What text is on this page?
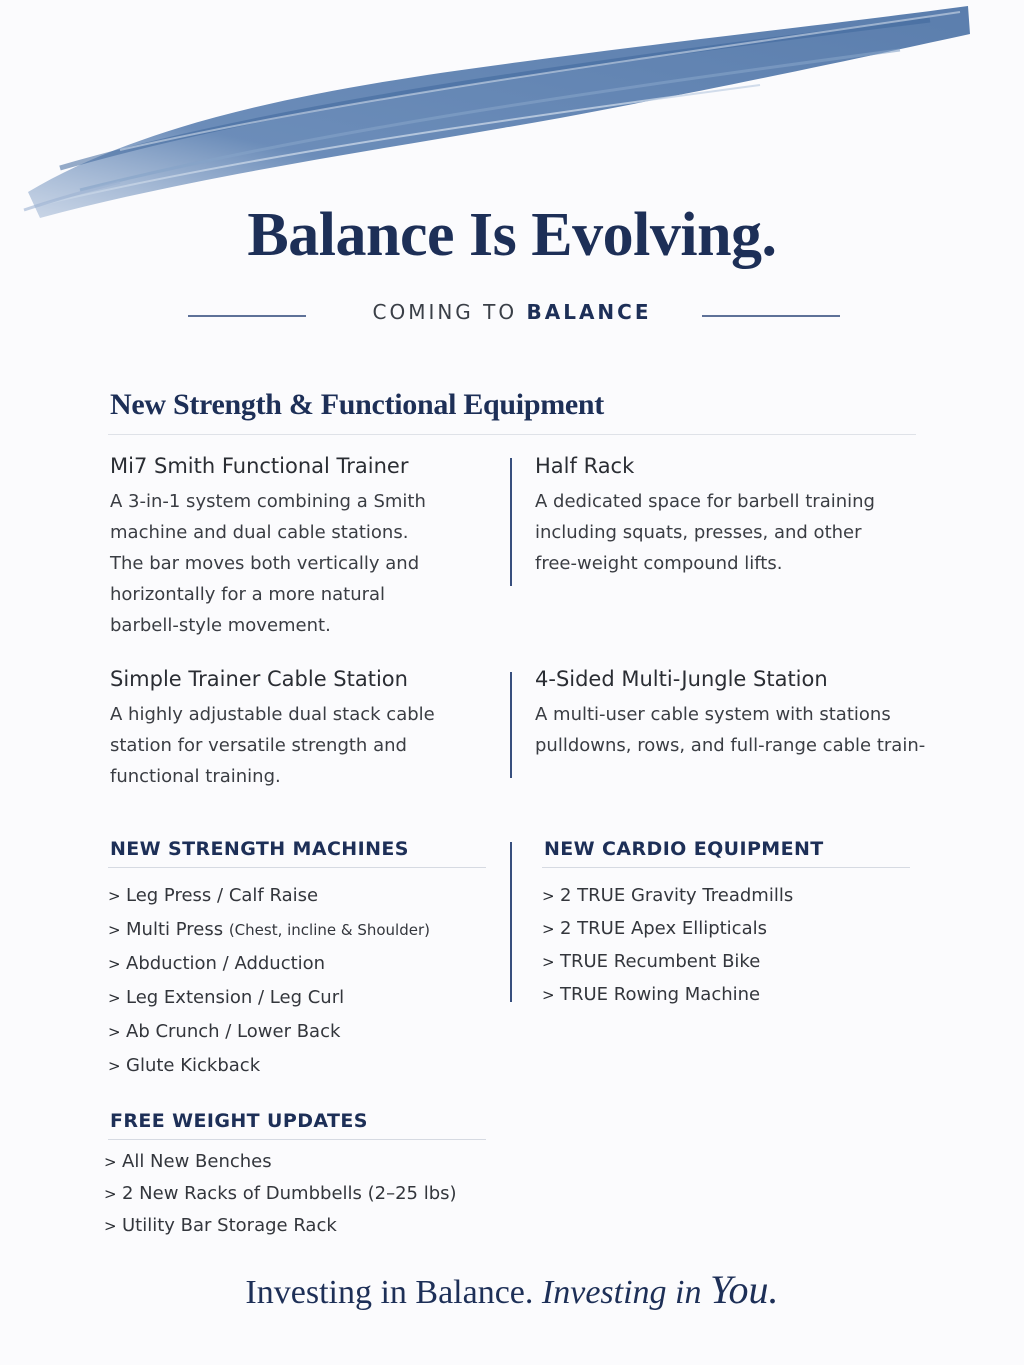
Balance Is Evolving.
COMING TO BALANCE
New Strength & Functional Equipment
Mi7 Smith Functional Trainer
A 3-in-1 system combining a Smith
machine and dual cable stations.
The bar moves both vertically and
horizontally for a more natural
barbell-style movement.
Half Rack
A dedicated space for barbell training
including squats, presses, and other
free-weight compound lifts.
Simple Trainer Cable Station
A highly adjustable dual stack cable
station for versatile strength and
functional training.
4-Sided Multi-Jungle Station
A multi-user cable system with stations
pulldowns, rows, and full-range cable train-
NEW STRENGTH MACHINES
> Leg Press / Calf Raise
> Multi Press (Chest, incline & Shoulder)
> Abduction / Adduction
> Leg Extension / Leg Curl
> Ab Crunch / Lower Back
> Glute Kickback
NEW CARDIO EQUIPMENT
> 2 TRUE Gravity Treadmills
> 2 TRUE Apex Ellipticals
> TRUE Recumbent Bike
> TRUE Rowing Machine
FREE WEIGHT UPDATES
> All New Benches
> 2 New Racks of Dumbbells (2–25 lbs)
> Utility Bar Storage Rack
Investing in Balance. Investing in You.
